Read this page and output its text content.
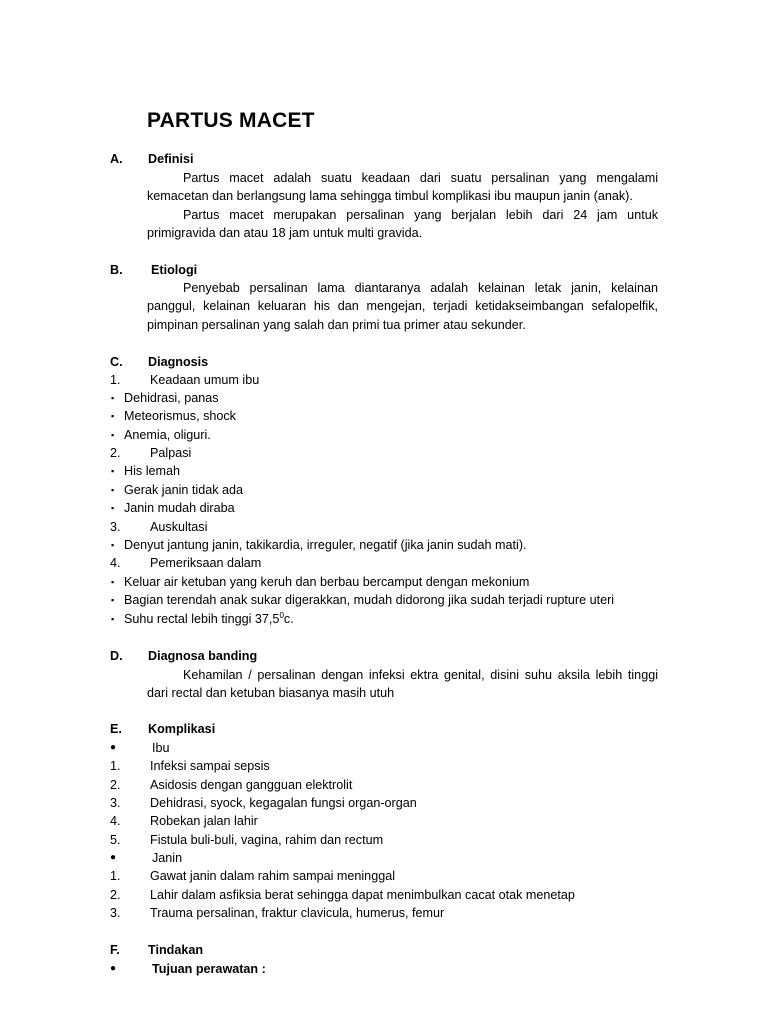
PARTUS MACET
A. Definisi
Partus macet adalah suatu keadaan dari suatu persalinan yang mengalami
kemacetan dan berlangsung lama sehingga timbul komplikasi ibu maupun janin (anak).
Partus macet merupakan persalinan yang berjalan lebih dari 24 jam untuk
primigravida dan atau 18 jam untuk multi gravida.
B. Etiologi
Penyebab persalinan lama diantaranya adalah kelainan letak janin, kelainan
panggul, kelainan keluaran his dan mengejan, terjadi ketidakseimbangan sefalopelfik,
pimpinan persalinan yang salah dan primi tua primer atau sekunder.
C. Diagnosis
1. Keadaan umum ibu
▪ Dehidrasi, panas
▪ Meteorismus, shock
▪ Anemia, oliguri.
2. Palpasi
▪ His lemah
▪ Gerak janin tidak ada
▪ Janin mudah diraba
3. Auskultasi
▪ Denyut jantung janin, takikardia, irreguler, negatif (jika janin sudah mati).
4. Pemeriksaan dalam
▪ Keluar air ketuban yang keruh dan berbau bercamput dengan mekonium
▪ Bagian terendah anak sukar digerakkan, mudah didorong jika sudah terjadi rupture uteri
▪ Suhu rectal lebih tinggi 37,5$^0$c.
D. Diagnosa banding
Kehamilan / persalinan dengan infeksi ektra genital, disini suhu aksila lebih tinggi
dari rectal dan ketuban biasanya masih utuh
E. Komplikasi
●	Ibu
1. Infeksi sampai sepsis
2. Asidosis dengan gangguan elektrolit
3. Dehidrasi, syock, kegagalan fungsi organ-organ
4. Robekan jalan lahir
5. Fistula buli-buli, vagina, rahim dan rectum
●	Janin
1. Gawat janin dalam rahim sampai meninggal
2. Lahir dalam asfiksia berat sehingga dapat menimbulkan cacat otak menetap
3. Trauma persalinan, fraktur clavicula, humerus, femur
F. Tindakan
●	Tujuan perawatan :
